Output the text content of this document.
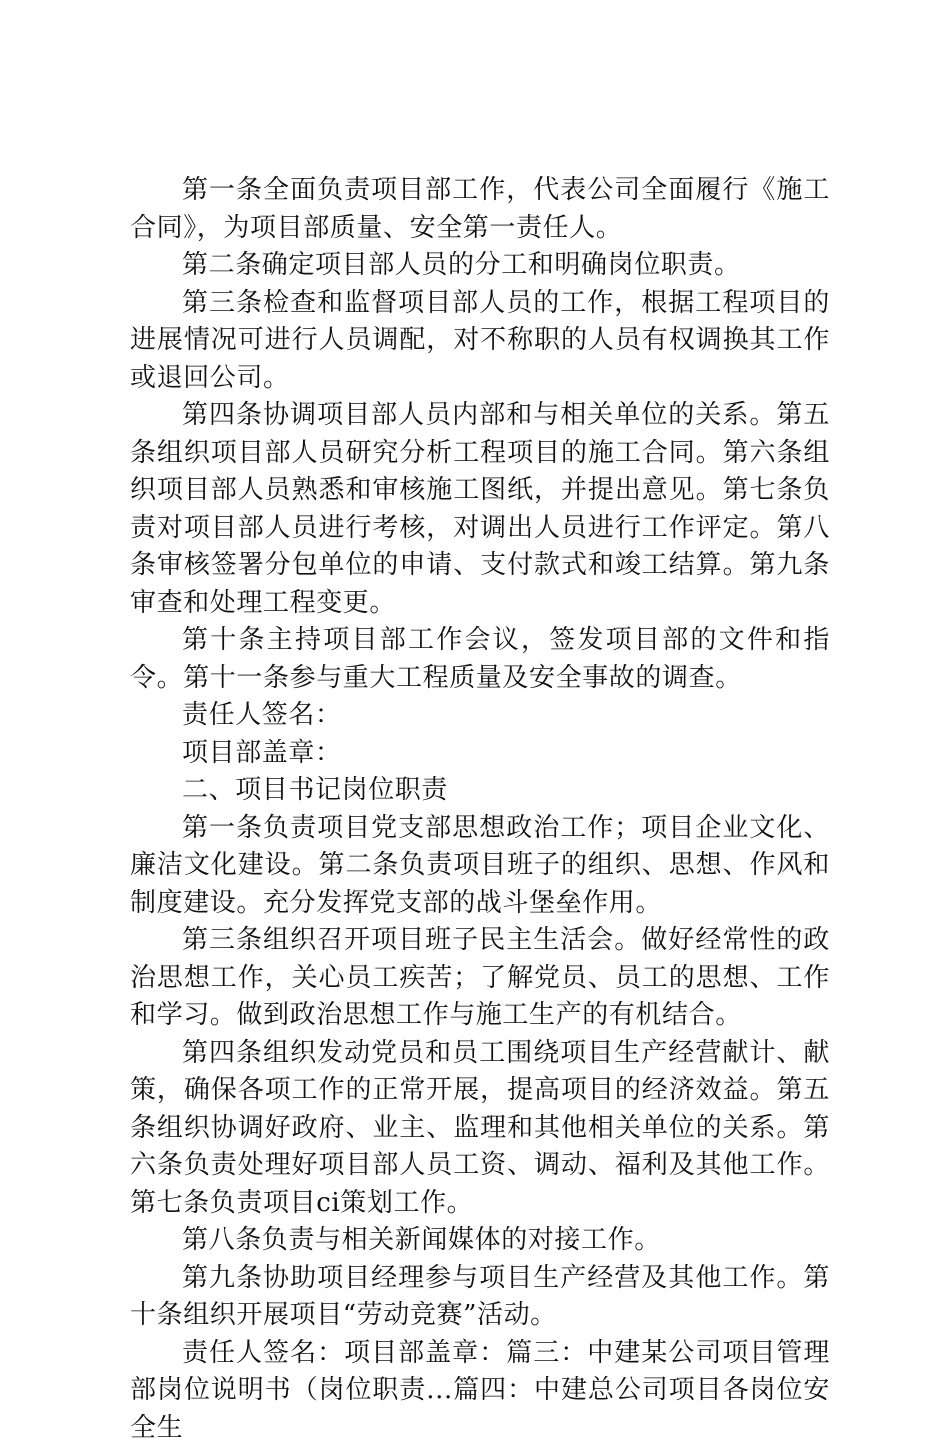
第一条全面负责项目部工作，代表公司全面履行《施工合同》，为项目部质量、安全第一责任人。

第二条确定项目部人员的分工和明确岗位职责。

第三条检查和监督项目部人员的工作，根据工程项目的进展情况可进行人员调配，对不称职的人员有权调换其工作或退回公司。

第四条协调项目部人员内部和与相关单位的关系。第五条组织项目部人员研究分析工程项目的施工合同。第六条组织项目部人员熟悉和审核施工图纸，并提出意见。第七条负责对项目部人员进行考核，对调出人员进行工作评定。第八条审核签署分包单位的申请、支付款式和竣工结算。第九条审查和处理工程变更。

第十条主持项目部工作会议，签发项目部的文件和指令。第十一条参与重大工程质量及安全事故的调查。

责任人签名：

项目部盖章：

二、项目书记岗位职责

第一条负责项目党支部思想政治工作；项目企业文化、廉洁文化建设。第二条负责项目班子的组织、思想、作风和制度建设。充分发挥党支部的战斗堡垒作用。

第三条组织召开项目班子民主生活会。做好经常性的政治思想工作，关心员工疾苦；了解党员、员工的思想、工作和学习。做到政治思想工作与施工生产的有机结合。

第四条组织发动党员和员工围绕项目生产经营献计、献策，确保各项工作的正常开展，提高项目的经济效益。第五条组织协调好政府、业主、监理和其他相关单位的关系。第六条负责处理好项目部人员工资、调动、福利及其他工作。第七条负责项目ci策划工作。

第八条负责与相关新闻媒体的对接工作。

第九条协助项目经理参与项目生产经营及其他工作。第十条组织开展项目“劳动竞赛”活动。

责任人签名：项目部盖章：篇三：中建某公司项目管理部岗位说明书（岗位职责...篇四：中建总公司项目各岗位安全生
